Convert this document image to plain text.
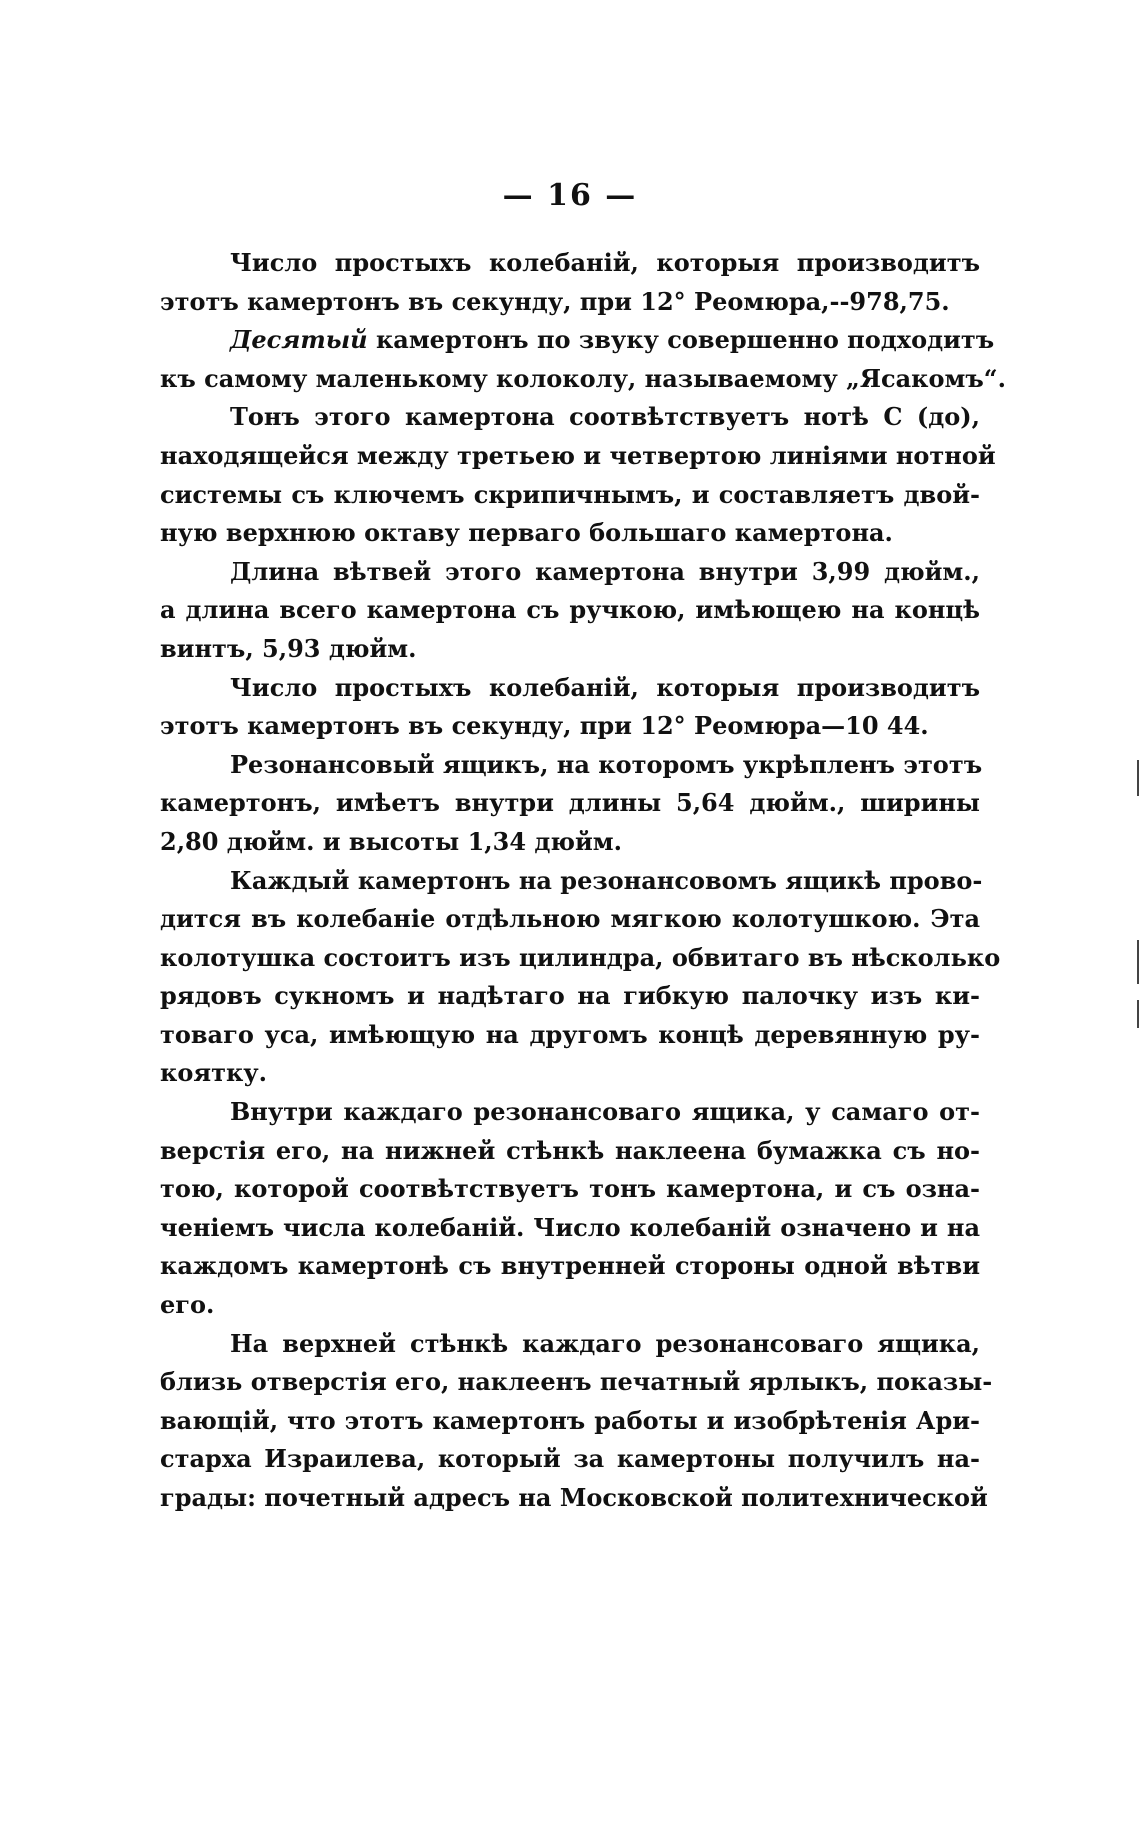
— 16 —
Число простыхъ колебаній, которыя производитъ
этотъ камертонъ въ секунду, при 12° Реомюра,--978,75.
Десятый камертонъ по звуку совершенно подходитъ
къ самому маленькому колоколу, называемому „Ясакомъ“.
Тонъ этого камертона соотвѣтствуетъ нотѣ C (до),
находящейся между третьею и четвертою линіями нотной
системы съ ключемъ скрипичнымъ, и составляетъ двой-
ную верхнюю октаву перваго большаго камертона.
Длина вѣтвей этого камертона внутри 3,99 дюйм.,
а длина всего камертона съ ручкою, имѣющею на концѣ
винтъ, 5,93 дюйм.
Число простыхъ колебаній, которыя производитъ
этотъ камертонъ въ секунду, при 12° Реомюра—10 44.
Резонансовый ящикъ, на которомъ укрѣпленъ этотъ
камертонъ, имѣетъ внутри длины 5,64 дюйм., ширины
2,80 дюйм. и высоты 1,34 дюйм.
Каждый камертонъ на резонансовомъ ящикѣ прово-
дится въ колебаніе отдѣльною мягкою колотушкою. Эта
колотушка состоитъ изъ цилиндра, обвитаго въ нѣсколько
рядовъ сукномъ и надѣтаго на гибкую палочку изъ ки-
товаго уса, имѣющую на другомъ концѣ деревянную ру-
коятку.
Внутри каждаго резонансоваго ящика, у самаго от-
верстія его, на нижней стѣнкѣ наклеена бумажка съ но-
тою, которой соотвѣтствуетъ тонъ камертона, и съ озна-
ченіемъ числа колебаній. Число колебаній означено и на
каждомъ камертонѣ съ внутренней стороны одной вѣтви
его.
На верхней стѣнкѣ каждаго резонансоваго ящика,
близь отверстія его, наклеенъ печатный ярлыкъ, показы-
вающій, что этотъ камертонъ работы и изобрѣтенія Ари-
старха Израилева, который за камертоны получилъ на-
грады: почетный адресъ на Московской политехнической
